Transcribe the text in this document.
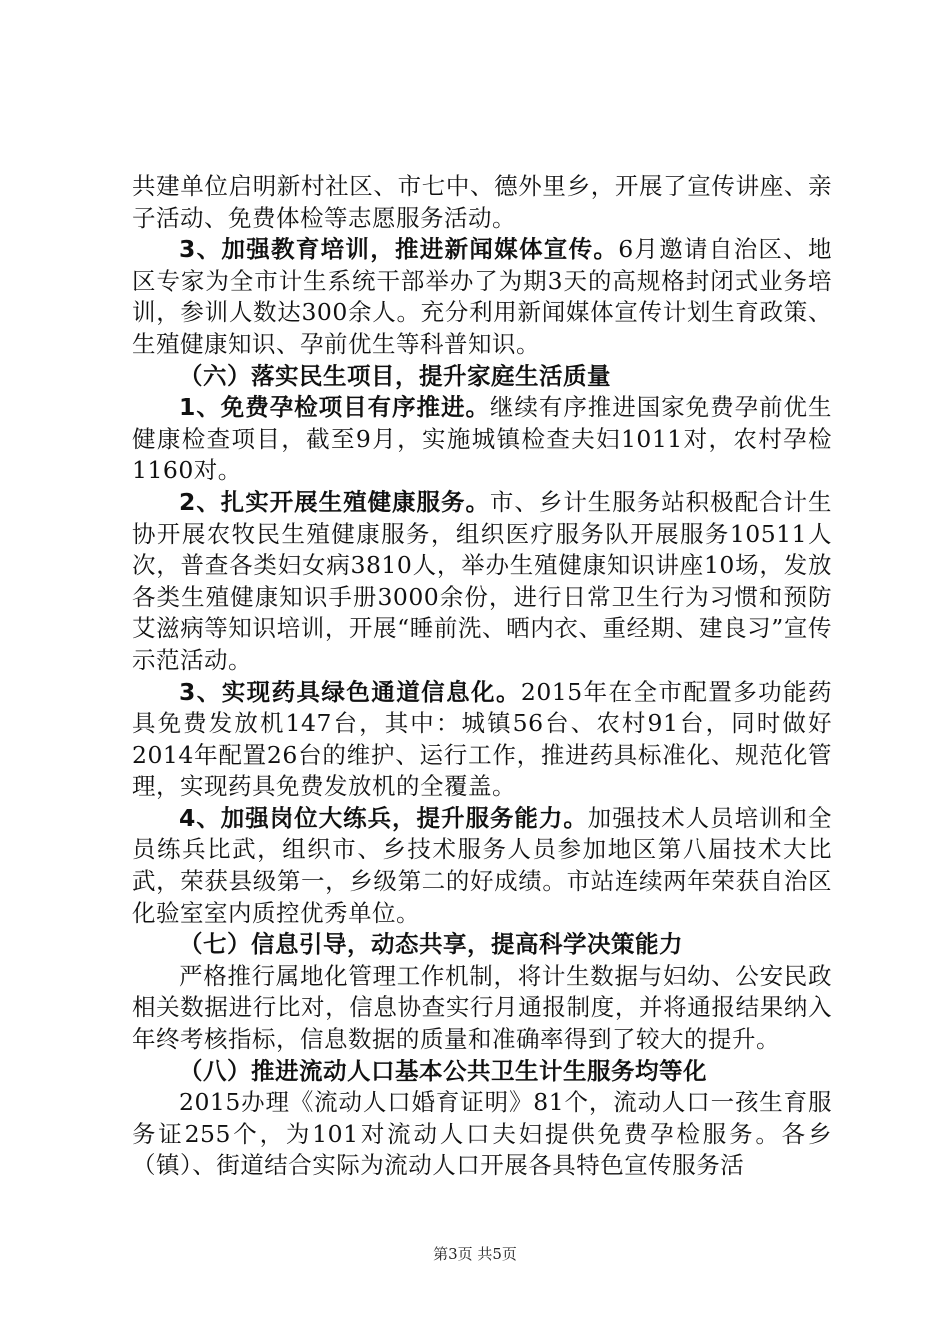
共建单位启明新村社区、市七中、德外里乡，开展了宣传讲座、亲子活动、免费体检等志愿服务活动。

3、加强教育培训，推进新闻媒体宣传。6月邀请自治区、地区专家为全市计生系统干部举办了为期3天的高规格封闭式业务培训，参训人数达300余人。充分利用新闻媒体宣传计划生育政策、生殖健康知识、孕前优生等科普知识。

（六）落实民生项目，提升家庭生活质量

1、免费孕检项目有序推进。继续有序推进国家免费孕前优生健康检查项目，截至9月，实施城镇检查夫妇1011对，农村孕检1160对。

2、扎实开展生殖健康服务。市、乡计生服务站积极配合计生协开展农牧民生殖健康服务，组织医疗服务队开展服务10511人次，普查各类妇女病3810人，举办生殖健康知识讲座10场，发放各类生殖健康知识手册3000余份，进行日常卫生行为习惯和预防艾滋病等知识培训，开展“睡前洗、晒内衣、重经期、建良习”宣传示范活动。

3、实现药具绿色通道信息化。2015年在全市配置多功能药具免费发放机147台，其中：城镇56台、农村91台，同时做好2014年配置26台的维护、运行工作，推进药具标准化、规范化管理，实现药具免费发放机的全覆盖。

4、加强岗位大练兵，提升服务能力。加强技术人员培训和全员练兵比武，组织市、乡技术服务人员参加地区第八届技术大比武，荣获县级第一，乡级第二的好成绩。市站连续两年荣获自治区化验室室内质控优秀单位。

（七）信息引导，动态共享，提高科学决策能力

严格推行属地化管理工作机制，将计生数据与妇幼、公安民政相关数据进行比对，信息协查实行月通报制度，并将通报结果纳入年终考核指标，信息数据的质量和准确率得到了较大的提升。

（八）推进流动人口基本公共卫生计生服务均等化

2015办理《流动人口婚育证明》81个，流动人口一孩生育服务证255个，为101对流动人口夫妇提供免费孕检服务。各乡（镇）、街道结合实际为流动人口开展各具特色宣传服务活

第3页 共5页
